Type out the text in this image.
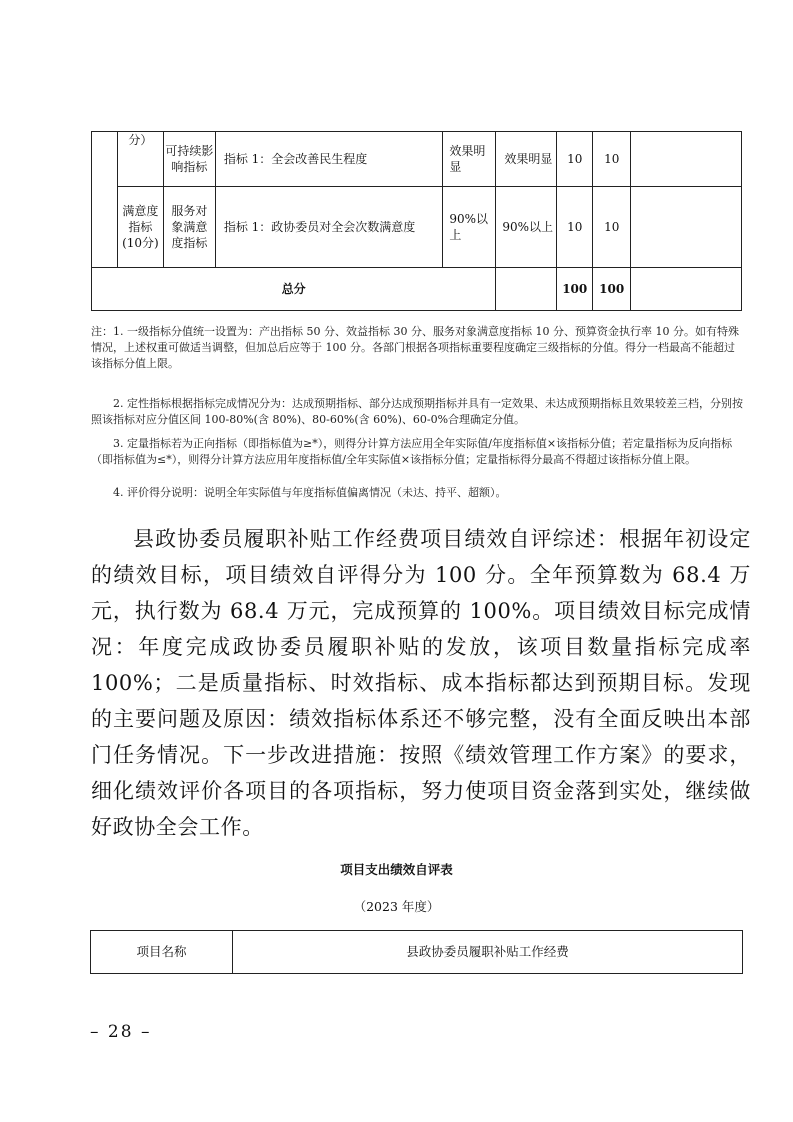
	分）	可持续影响指标	指标 1：全会改善民生程度	效果明显	效果明显	10	10	
	满意度指标(10分)	服务对象满意度指标	指标 1：政协委员对全会次数满意度	90%以上	90%以上	10	10	
总分						100	100	

注：1. 一级指标分值统一设置为：产出指标 50 分、效益指标 30 分、服务对象满意度指标 10 分、预算资金执行率 10 分。如有特殊情况，上述权重可做适当调整，但加总后应等于 100 分。各部门根据各项指标重要程度确定三级指标的分值。得分一档最高不能超过该指标分值上限。

2. 定性指标根据指标完成情况分为：达成预期指标、部分达成预期指标并具有一定效果、未达成预期指标且效果较差三档，分别按照该指标对应分值区间 100-80%(含 80%)、80-60%(含 60%)、60-0%合理确定分值。

3. 定量指标若为正向指标（即指标值为≥*），则得分计算方法应用全年实际值/年度指标值×该指标分值；若定量指标为反向指标（即指标值为≤*），则得分计算方法应用年度指标值/全年实际值×该指标分值；定量指标得分最高不得超过该指标分值上限。

4. 评价得分说明：说明全年实际值与年度指标值偏离情况（未达、持平、超额）。

县政协委员履职补贴工作经费项目绩效自评综述：根据年初设定的绩效目标，项目绩效自评得分为 100 分。全年预算数为 68.4 万元，执行数为 68.4 万元，完成预算的 100%。项目绩效目标完成情况：年度完成政协委员履职补贴的发放，该项目数量指标完成率 100%；二是质量指标、时效指标、成本指标都达到预期目标。发现的主要问题及原因：绩效指标体系还不够完整，没有全面反映出本部门任务情况。下一步改进措施：按照《绩效管理工作方案》的要求，细化绩效评价各项目的各项指标，努力使项目资金落到实处，继续做好政协全会工作。

项目支出绩效自评表
（2023 年度）
项目名称	县政协委员履职补贴工作经费
– 28 –
